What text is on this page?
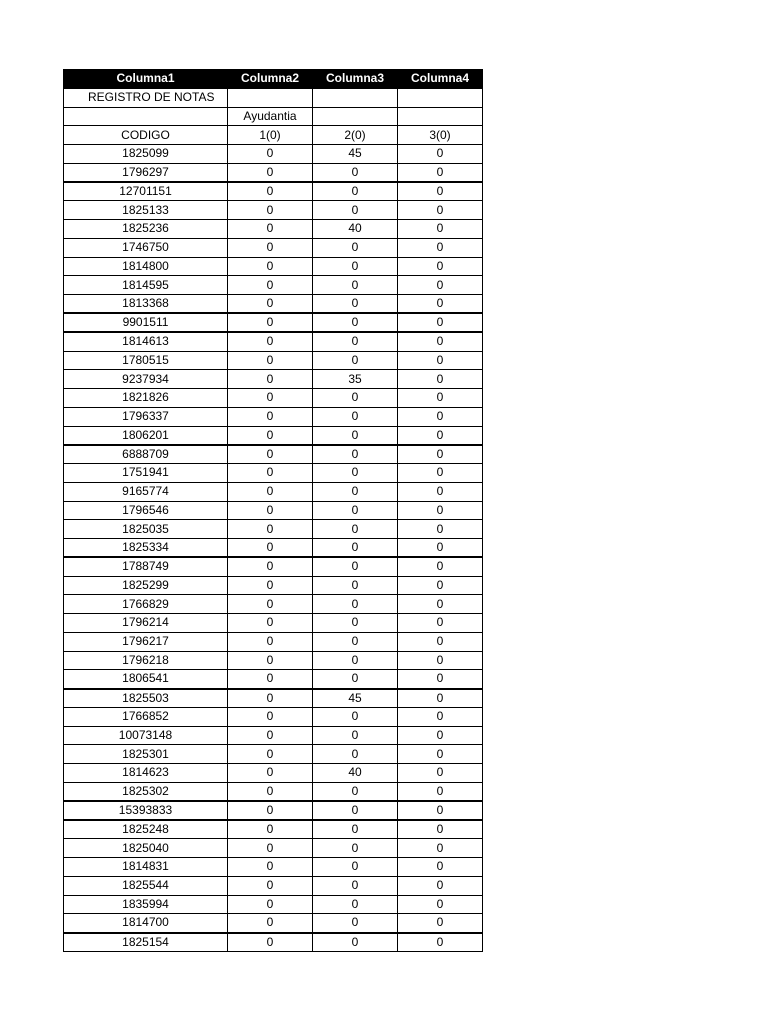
Columna1	Columna2	Columna3	Columna4
REGISTRO DE NOTAS			
	Ayudantia		
CODIGO	1(0)	2(0)	3(0)
1825099	0	45	0
1796297	0	0	0
12701151	0	0	0
1825133	0	0	0
1825236	0	40	0
1746750	0	0	0
1814800	0	0	0
1814595	0	0	0
1813368	0	0	0
9901511	0	0	0
1814613	0	0	0
1780515	0	0	0
9237934	0	35	0
1821826	0	0	0
1796337	0	0	0
1806201	0	0	0
6888709	0	0	0
1751941	0	0	0
9165774	0	0	0
1796546	0	0	0
1825035	0	0	0
1825334	0	0	0
1788749	0	0	0
1825299	0	0	0
1766829	0	0	0
1796214	0	0	0
1796217	0	0	0
1796218	0	0	0
1806541	0	0	0
1825503	0	45	0
1766852	0	0	0
10073148	0	0	0
1825301	0	0	0
1814623	0	40	0
1825302	0	0	0
15393833	0	0	0
1825248	0	0	0
1825040	0	0	0
1814831	0	0	0
1825544	0	0	0
1835994	0	0	0
1814700	0	0	0
1825154	0	0	0
